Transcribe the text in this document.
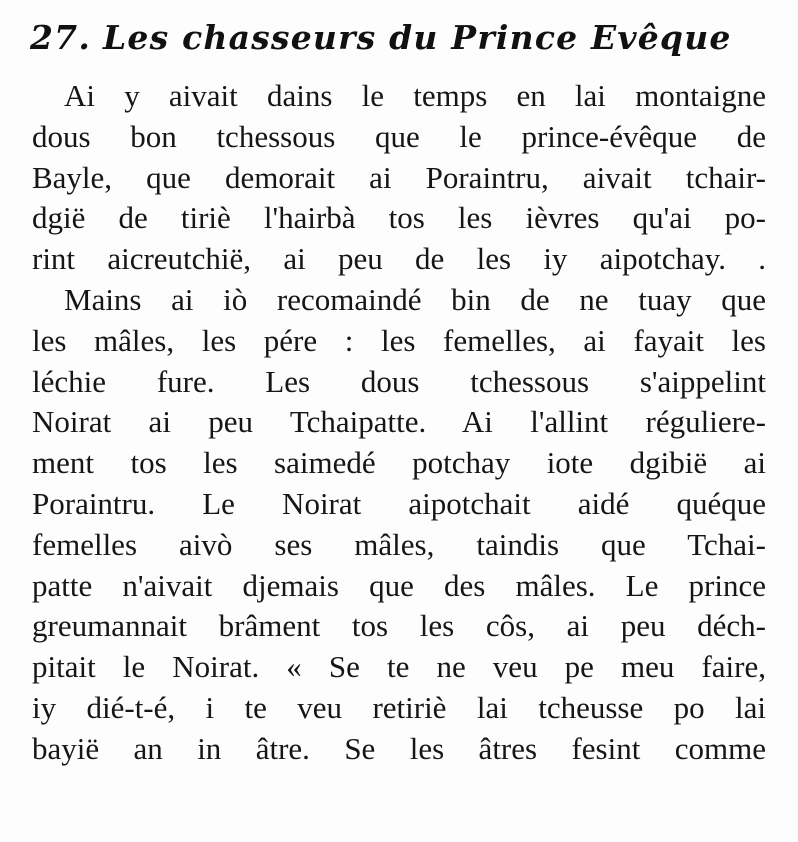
27. Les chasseurs du Prince Evêque
Ai y aivait dains le temps en lai montaigne
dous bon tchessous que le prince-évêque de
Bayle, que demorait ai Poraintru, aivait tchair-
dgië de tiriè l'hairbà tos les ièvres qu'ai po-
rint aicreutchië, ai peu de les iy aipotchay. .
Mains ai iò recomaindé bin de ne tuay que
les mâles, les pére : les femelles, ai fayait les
léchie fure. Les dous tchessous s'aippelint
Noirat ai peu Tchaipatte. Ai l'allint réguliere-
ment tos les saimedé potchay iote dgibië ai
Poraintru. Le Noirat aipotchait aidé quéque
femelles aivò ses mâles, taindis que Tchai-
patte n'aivait djemais que des mâles. Le prince
greumannait brâment tos les côs, ai peu déch-
pitait le Noirat. « Se te ne veu pe meu faire,
iy dié-t-é, i te veu retiriè lai tcheusse po lai
bayië an in âtre. Se les âtres fesint comme
